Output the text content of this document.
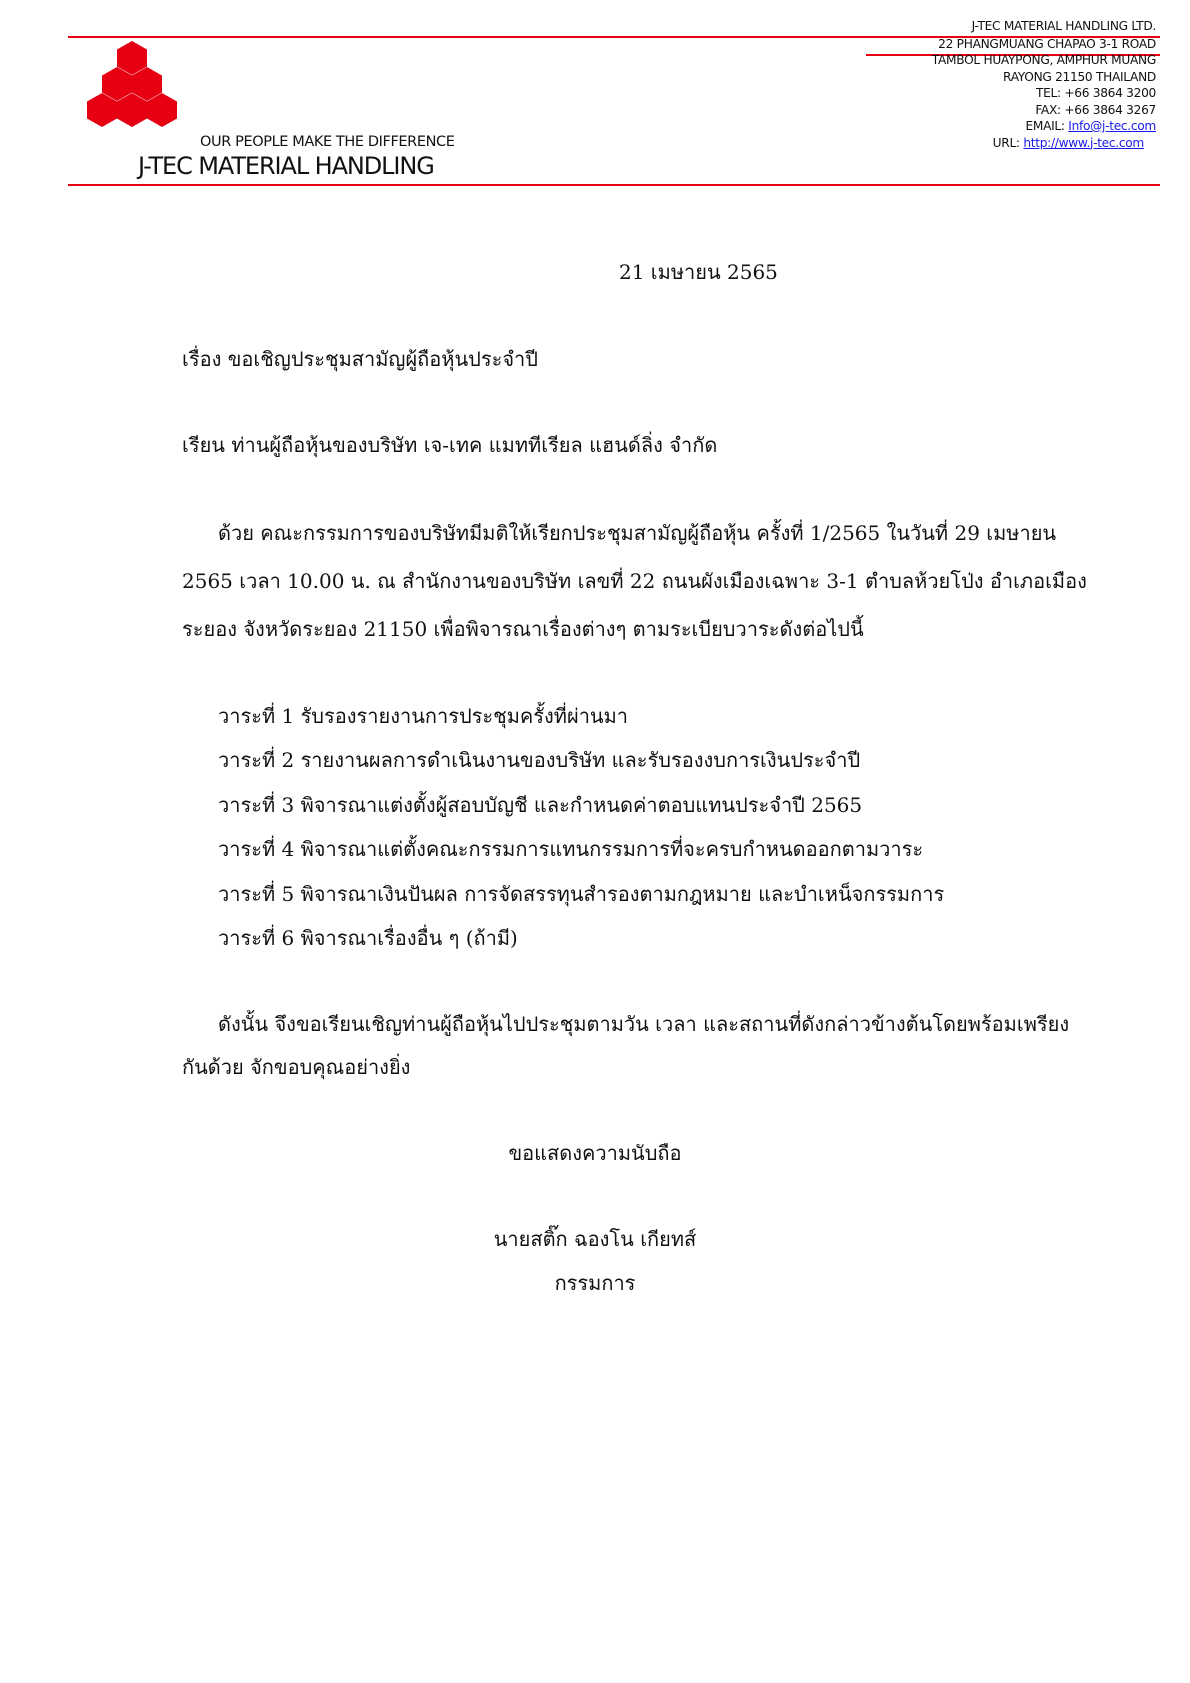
OUR PEOPLE MAKE THE DIFFERENCE
J-TEC MATERIAL HANDLING
J-TEC MATERIAL HANDLING LTD.
22 PHANGMUANG CHAPAO 3-1 ROAD
TAMBOL HUAYPONG, AMPHUR MUANG
RAYONG 21150 THAILAND
TEL: +66 3864 3200
FAX: +66 3864 3267
EMAIL: Info@j-tec.com
URL: http://www.j-tec.com
21 เมษายน 2565
เรื่อง ขอเชิญประชุมสามัญผู้ถือหุ้นประจำปี
เรียน ท่านผู้ถือหุ้นของบริษัท เจ-เทค แมททีเรียล แฮนด์ลิ่ง จำกัด
ด้วย คณะกรรมการของบริษัทมีมติให้เรียกประชุมสามัญผู้ถือหุ้น ครั้งที่ 1/2565 ในวันที่ 29 เมษายน
2565 เวลา 10.00 น. ณ สำนักงานของบริษัท เลขที่ 22 ถนนผังเมืองเฉพาะ 3-1 ตำบลห้วยโป่ง อำเภอเมือง
ระยอง จังหวัดระยอง 21150 เพื่อพิจารณาเรื่องต่างๆ ตามระเบียบวาระดังต่อไปนี้
วาระที่ 1 รับรองรายงานการประชุมครั้งที่ผ่านมา
วาระที่ 2 รายงานผลการดำเนินงานของบริษัท และรับรองงบการเงินประจำปี
วาระที่ 3 พิจารณาแต่งตั้งผู้สอบบัญชี และกำหนดค่าตอบแทนประจำปี 2565
วาระที่ 4 พิจารณาแต่ตั้งคณะกรรมการแทนกรรมการที่จะครบกำหนดออกตามวาระ
วาระที่ 5 พิจารณาเงินปันผล การจัดสรรทุนสำรองตามกฎหมาย และบำเหน็จกรรมการ
วาระที่ 6 พิจารณาเรื่องอื่น ๆ (ถ้ามี)
ดังนั้น จึงขอเรียนเชิญท่านผู้ถือหุ้นไปประชุมตามวัน เวลา และสถานที่ดังกล่าวข้างต้นโดยพร้อมเพรียง
กันด้วย จักขอบคุณอย่างยิ่ง
ขอแสดงความนับถือ
นายสติ๊ก ฉองโน เกียทส์
กรรมการ
